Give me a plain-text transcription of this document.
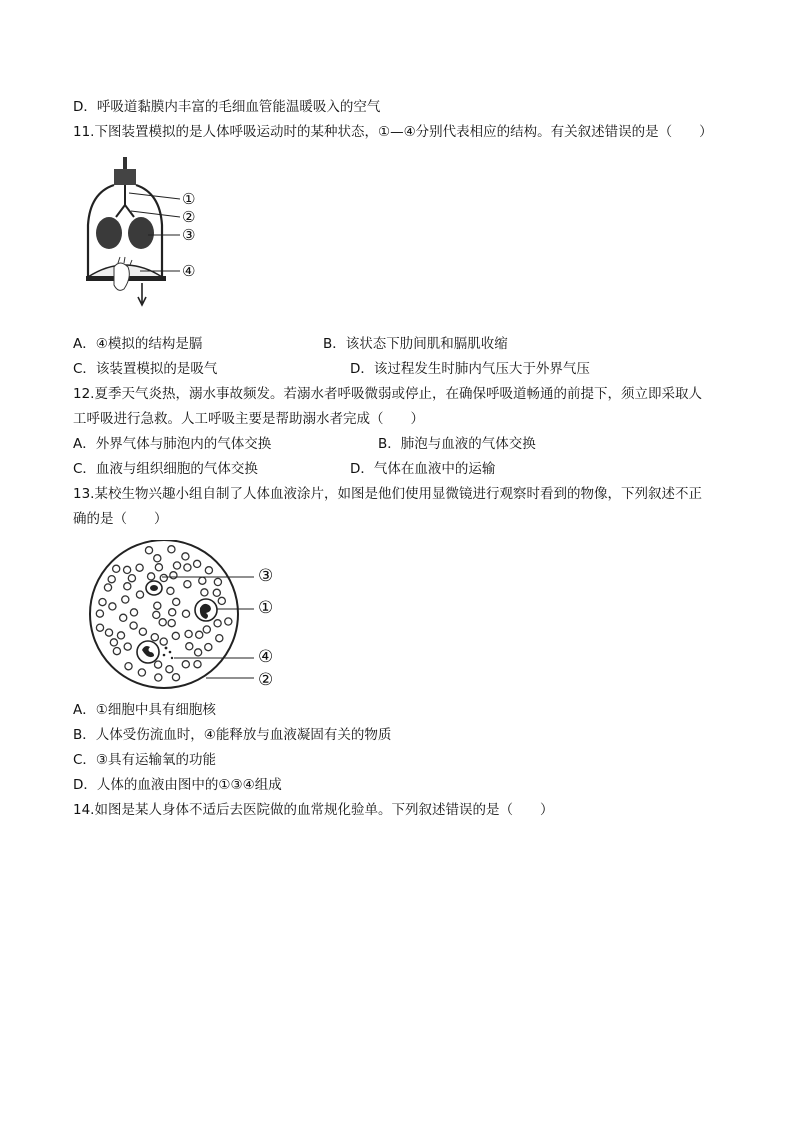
D．呼吸道黏膜内丰富的毛细血管能温暖吸入的空气
11.下图装置模拟的是人体呼吸运动时的某种状态，①—④分别代表相应的结构。有关叙述错误的是（　　）
①
②
③
④
A．④模拟的结构是膈	B．该状态下肋间肌和膈肌收缩
C．该装置模拟的是吸气	D．该过程发生时肺内气压大于外界气压
12.夏季天气炎热，溺水事故频发。若溺水者呼吸微弱或停止，在确保呼吸道畅通的前提下，须立即采取人
工呼吸进行急救。人工呼吸主要是帮助溺水者完成（　　）
A．外界气体与肺泡内的气体交换	B．肺泡与血液的气体交换
C．血液与组织细胞的气体交换	D．气体在血液中的运输
13.某校生物兴趣小组自制了人体血液涂片，如图是他们使用显微镜进行观察时看到的物像，下列叙述不正
确的是（　　）
③
①
④
②
A．①细胞中具有细胞核
B．人体受伤流血时，④能释放与血液凝固有关的物质
C．③具有运输氧的功能
D．人体的血液由图中的①③④组成
14.如图是某人身体不适后去医院做的血常规化验单。下列叙述错误的是（　　）
